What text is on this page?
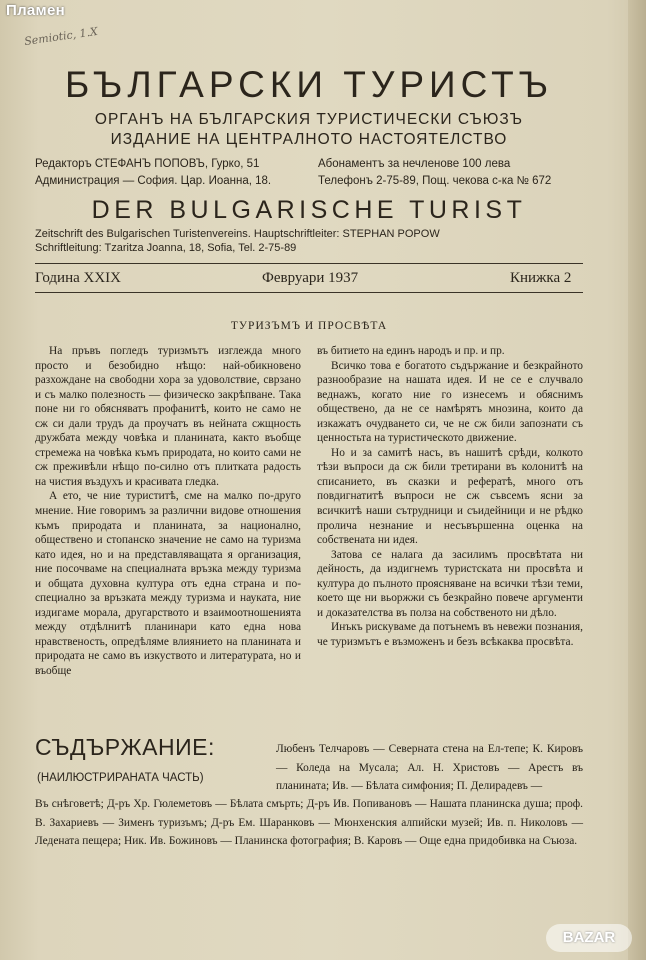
Пламен
Semiotic, 1.X
БЪЛГАРСКИ ТУРИСТЪ
ОРГАНЪ НА БЪЛГАРСКИЯ ТУРИСТИЧЕСКИ СЪЮЗЪ
ИЗДАНИЕ НА ЦЕНТРАЛНОТО НАСТОЯТЕЛСТВО
Редакторъ СТЕФАНЪ ПОПОВЪ, Гурко, 51
Администрация — София. Цар. Иоанна, 18.
Абонаментъ за нечленове 100 лева
Телефонъ 2-75-89, Пощ. чекова с-ка № 672
DER BULGARISCHE TURIST
Zeitschrift des Bulgarischen Turistenvereins. Hauptschriftleiter: STEPHAN POPOW
Schriftleitung: Tzaritza Joanna, 18, Sofia, Tel. 2-75-89
Година XXIX	Февруари 1937	Книжка 2
ТУРИЗЪМЪ И ПРОСВѢТА

На пръвъ погледъ туризмътъ изглежда много просто и безобидно нѣщо: най-обикновено разхождане на свободни хора за удоволствие, сврзано и съ малко полезность — физическо закрѣпване. Така поне ни го обясняватъ профанитѣ, които не само не сж си дали трудъ да проучатъ въ нейната сжщность дружбата между човѣка и планината, както въобще стремежа на човѣка къмъ природата, но които сами не сж преживѣли нѣщо по-силно отъ плитката радость на чистия въздухъ и красивата гледка.

А ето, че ние туриститѣ, сме на малко по-друго мнение. Ние говоримъ за различни видове отношения къмъ природата и планината, за национално, обществено и стопанско значение не само на туризма като идея, но и на представляващата я организация, ние посочваме на специалната връзка между туризма и общата духовна култура отъ една страна и по-специално за връзката между туризма и науката, ние издигаме морала, другарството и взаимоотношенията между отдѣлнитѣ планинари като една нова нравственость, опредѣляме влиянието на планината и природата не само въ изкуството и литературата, но и въобще

въ битието на единъ народъ и пр. и пр.

Всичко това е богатото съдържание и безкрайното разнообразие на нашата идея. И не се е случвало веднажъ, когато ние го изнесемъ и обяснимъ обществено, да не се намѣрятъ мнозина, които да изкажатъ очудването си, че не сж били запознати съ ценностьта на туристическото движение.

Но и за самитѣ насъ, въ нашитѣ срѣди, колкото тѣзи въпроси да сж били третирани въ колонитѣ на списанието, въ сказки и рефератѣ, много отъ повдигнатитѣ въпроси не сж съвсемъ ясни за всичкитѣ наши сътрудници и съидейници и не рѣдко пролича незнание и несъвършенна оценка на собствената ни идея.

Затова се налага да засилимъ просвѣтата ни дейность, да издигнемъ туристската ни просвѣта и култура до пълното проясняване на всички тѣзи теми, което ще ни вьоржжи съ безкрайно повече аргументи и доказателства въ полза на собственото ни дѣло.

Инъкъ рискуваме да потънемъ въ невежи познания, че туризмътъ е възможенъ и безъ всѣкаква просвѣта.

СЪДЪРЖАНИЕ:
(НАИЛЮСТРИРАНАТА ЧАСТЬ)
Любенъ Телчаровъ — Северната стена на Ел-тепе; К. Кировъ — Коледа на Мусала; Ал. Н. Христовъ — Арестъ въ планината; Ив. — Бѣлата симфония; П. Делирадевъ —
Въ снѣговетѣ; Д-ръ Хр. Гюлеметовъ — Бѣлата смърть; Д-ръ Ив. Попивановъ — Нашата планинска душа; проф. В. Захариевъ — Зименъ туризъмъ; Д-ръ Ем. Шаранковъ — Мюнхенския алпийски музей; Ив. п. Николовъ — Ледената пещера; Ник. Ив. Божиновъ — Планинска фотография; В. Кaровъ — Още една придобивка на Съюза.
BAZAR
